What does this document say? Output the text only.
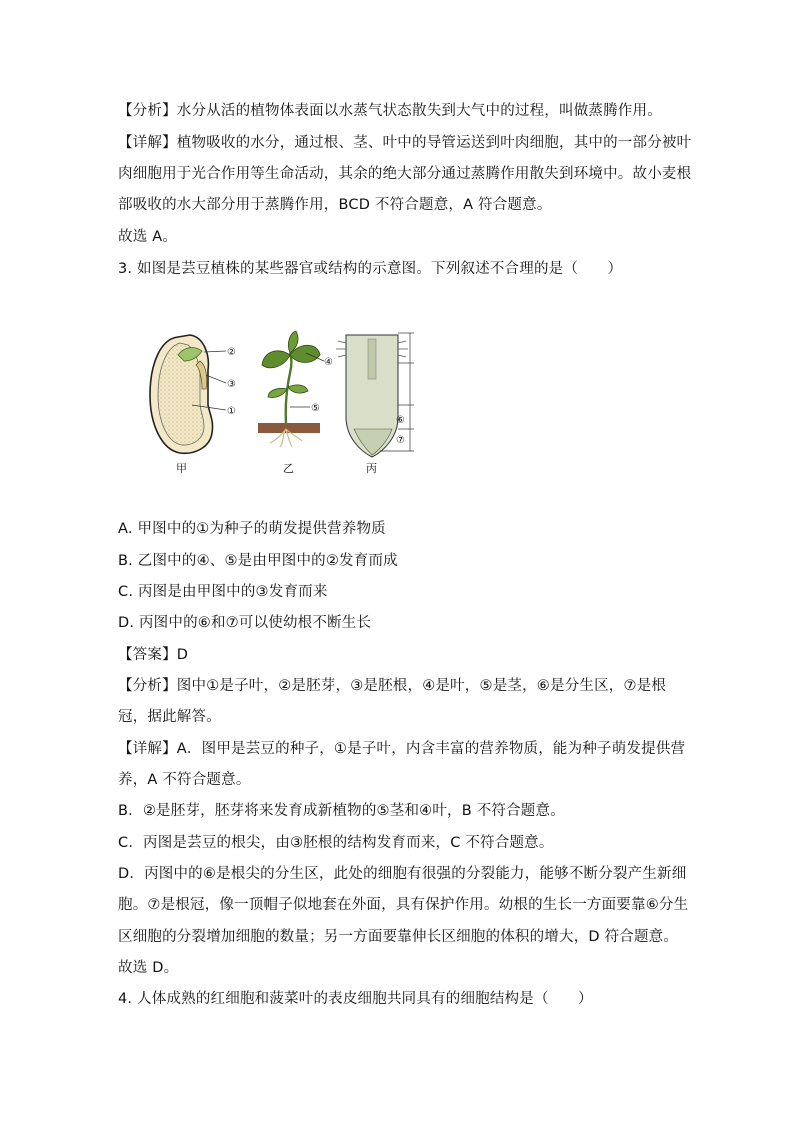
【分析】水分从活的植物体表面以水蒸气状态散失到大气中的过程，叫做蒸腾作用。
【详解】植物吸收的水分，通过根、茎、叶中的导管运送到叶肉细胞，其中的一部分被叶
肉细胞用于光合作用等生命活动，其余的绝大部分通过蒸腾作用散失到环境中。故小麦根
部吸收的水大部分用于蒸腾作用，BCD 不符合题意，A 符合题意。
故选 A。
3. 如图是芸豆植株的某些器官或结构的示意图。下列叙述不合理的是（　　）
②
③
①
甲
④
⑤
乙
⑥
⑦
丙
A. 甲图中的①为种子的萌发提供营养物质
B. 乙图中的④、⑤是由甲图中的②发育而成
C. 丙图是由甲图中的③发育而来
D. 丙图中的⑥和⑦可以使幼根不断生长
【答案】D
【分析】图中①是子叶，②是胚芽，③是胚根，④是叶，⑤是茎，⑥是分生区，⑦是根
冠，据此解答。
【详解】A．图甲是芸豆的种子，①是子叶，内含丰富的营养物质，能为种子萌发提供营
养，A 不符合题意。
B．②是胚芽，胚芽将来发育成新植物的⑤茎和④叶，B 不符合题意。
C．丙图是芸豆的根尖，由③胚根的结构发育而来，C 不符合题意。
D．丙图中的⑥是根尖的分生区，此处的细胞有很强的分裂能力，能够不断分裂产生新细
胞。⑦是根冠，像一顶帽子似地套在外面，具有保护作用。幼根的生长一方面要靠⑥分生
区细胞的分裂增加细胞的数量；另一方面要靠伸长区细胞的体积的增大，D 符合题意。
故选 D。
4. 人体成熟的红细胞和菠菜叶的表皮细胞共同具有的细胞结构是（　　）
